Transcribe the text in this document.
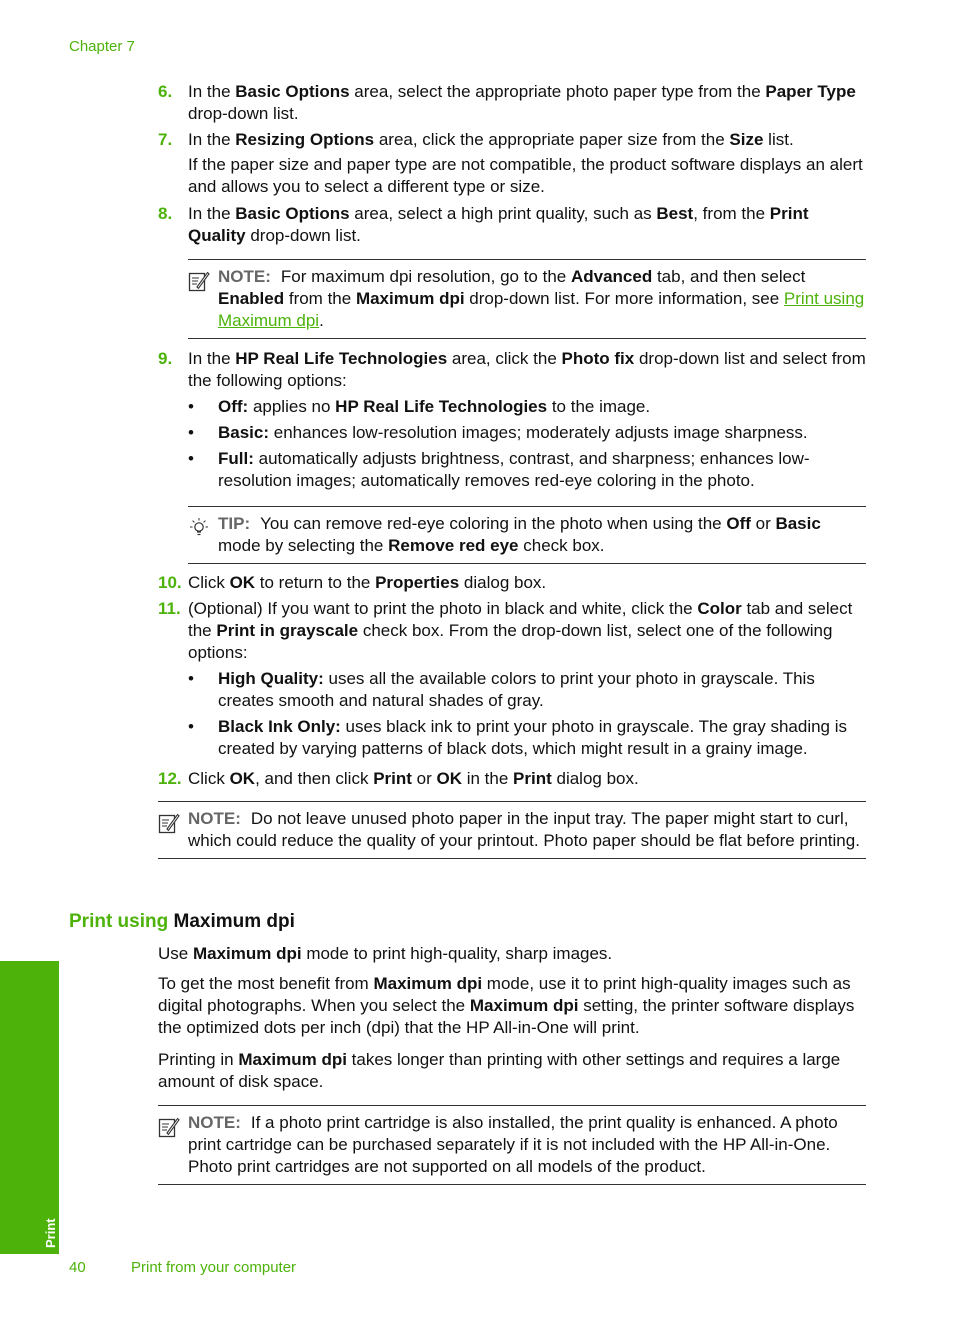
Chapter 7
6. In the Basic Options area, select the appropriate photo paper type from the Paper Type drop-down list.

7. In the Resizing Options area, click the appropriate paper size from the Size list.

If the paper size and paper type are not compatible, the product software displays an alert and allows you to select a different type or size.

8. In the Basic Options area, select a high print quality, such as Best, from the Print Quality drop-down list.

NOTE: For maximum dpi resolution, go to the Advanced tab, and then select Enabled from the Maximum dpi drop-down list. For more information, see Print using Maximum dpi.
9. In the HP Real Life Technologies area, click the Photo fix drop-down list and select from the following options:

• Off: applies no HP Real Life Technologies to the image.
• Basic: enhances low-resolution images; moderately adjusts image sharpness.
• Full: automatically adjusts brightness, contrast, and sharpness; enhances low-resolution images; automatically removes red-eye coloring in the photo.
TIP: You can remove red-eye coloring in the photo when using the Off or Basic mode by selecting the Remove red eye check box.
10. Click OK to return to the Properties dialog box.

11. (Optional) If you want to print the photo in black and white, click the Color tab and select the Print in grayscale check box. From the drop-down list, select one of the following options:

• High Quality: uses all the available colors to print your photo in grayscale. This creates smooth and natural shades of gray.
• Black Ink Only: uses black ink to print your photo in grayscale. The gray shading is created by varying patterns of black dots, which might result in a grainy image.
12. Click OK, and then click Print or OK in the Print dialog box.

NOTE: Do not leave unused photo paper in the input tray. The paper might start to curl, which could reduce the quality of your printout. Photo paper should be flat before printing.
Print using Maximum dpi

Use Maximum dpi mode to print high-quality, sharp images.

To get the most benefit from Maximum dpi mode, use it to print high-quality images such as digital photographs. When you select the Maximum dpi setting, the printer software displays the optimized dots per inch (dpi) that the HP All-in-One will print.

Printing in Maximum dpi takes longer than printing with other settings and requires a large amount of disk space.

NOTE: If a photo print cartridge is also installed, the print quality is enhanced. A photo print cartridge can be purchased separately if it is not included with the HP All-in-One. Photo print cartridges are not supported on all models of the product.
Print
40	Print from your computer
